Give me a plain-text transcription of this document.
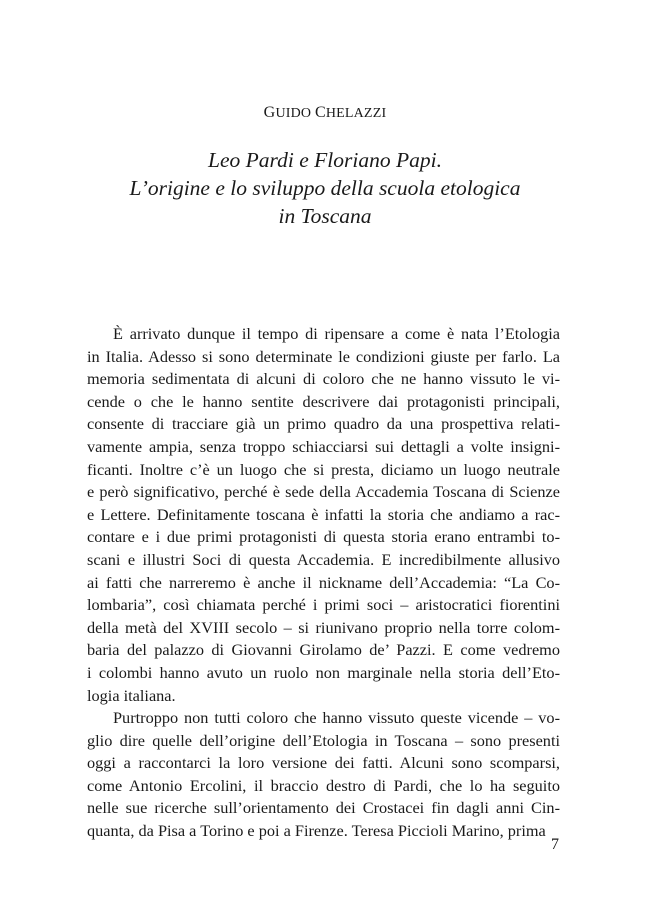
GUIDO CHELAZZI
Leo Pardi e Floriano Papi.
L’origine e lo sviluppo della scuola etologica
in Toscana
È arrivato dunque il tempo di ripensare a come è nata l’Etologia
in Italia. Adesso si sono determinate le condizioni giuste per farlo. La
memoria sedimentata di alcuni di coloro che ne hanno vissuto le vi-
cende o che le hanno sentite descrivere dai protagonisti principali,
consente di tracciare già un primo quadro da una prospettiva relati-
vamente ampia, senza troppo schiacciarsi sui dettagli a volte insigni-
ficanti. Inoltre c’è un luogo che si presta, diciamo un luogo neutrale
e però significativo, perché è sede della Accademia Toscana di Scienze
e Lettere. Definitamente toscana è infatti la storia che andiamo a rac-
contare e i due primi protagonisti di questa storia erano entrambi to-
scani e illustri Soci di questa Accademia. E incredibilmente allusivo
ai fatti che narreremo è anche il nickname dell’Accademia: “La Co-
lombaria”, così chiamata perché i primi soci – aristocratici fiorentini
della metà del XVIII secolo – si riunivano proprio nella torre colom-
baria del palazzo di Giovanni Girolamo de’ Pazzi. E come vedremo
i colombi hanno avuto un ruolo non marginale nella storia dell’Eto-
logia italiana.
Purtroppo non tutti coloro che hanno vissuto queste vicende – vo-
glio dire quelle dell’origine dell’Etologia in Toscana – sono presenti
oggi a raccontarci la loro versione dei fatti. Alcuni sono scomparsi,
come Antonio Ercolini, il braccio destro di Pardi, che lo ha seguito
nelle sue ricerche sull’orientamento dei Crostacei fin dagli anni Cin-
quanta, da Pisa a Torino e poi a Firenze. Teresa Piccioli Marino, prima
7
